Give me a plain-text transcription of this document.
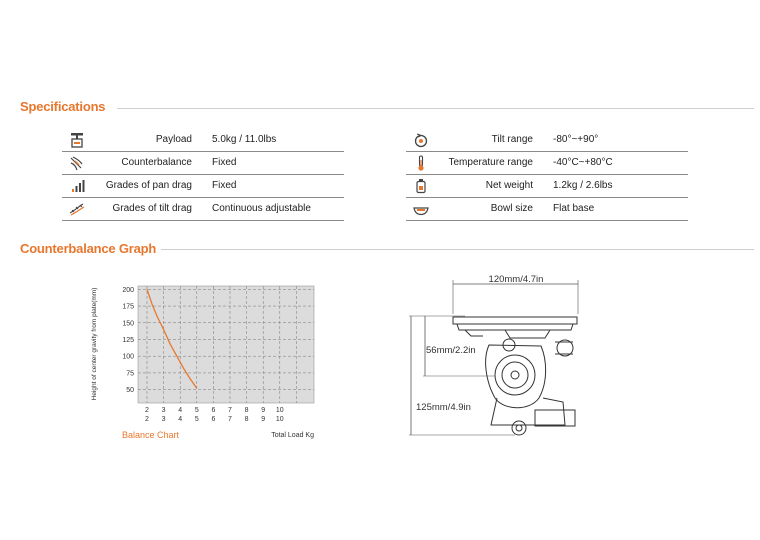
Specifications
Payload 5.0kg / 11.0lbs
Counterbalance Fixed
Grades of pan drag Fixed
Grades of tilt drag Continuous adjustable
Tilt range -80°~+90°
Temperature range -40°C~+80°C
Net weight 1.2kg / 2.6lbs
Bowl size Flat base
Counterbalance Graph
50
75
100
125
150
175
200
2 3 4 5 6 7 8 9 10
2 3 4 5 6 7 8 9 10
Height of center gravity from plate(mm)
Balance Chart	Total Load Kg
120mm/4.7in
56mm/2.2in
125mm/4.9in
